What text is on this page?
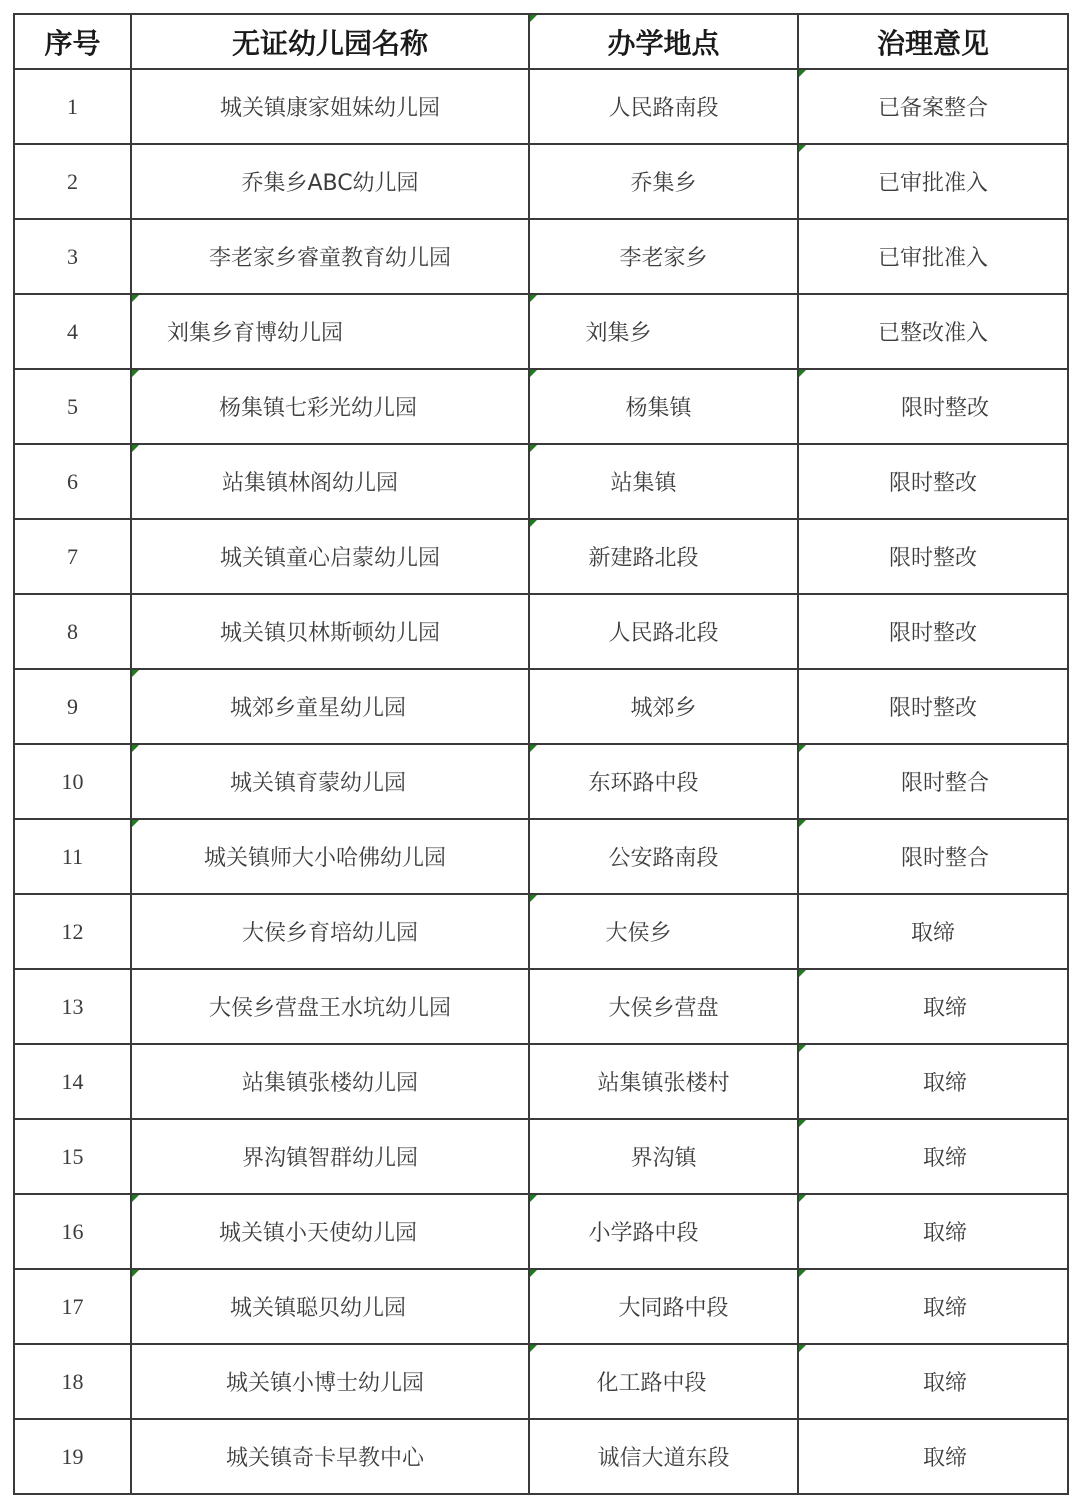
序号	无证幼儿园名称	办学地点	治理意见
1	城关镇康家姐妹幼儿园	人民路南段	已备案整合
2	乔集乡ABC幼儿园	乔集乡	已审批准入
3	李老家乡睿童教育幼儿园	李老家乡	已审批准入
4	刘集乡育博幼儿园	刘集乡	已整改准入
5	杨集镇七彩光幼儿园	杨集镇	限时整改
6	站集镇林阁幼儿园	站集镇	限时整改
7	城关镇童心启蒙幼儿园	新建路北段	限时整改
8	城关镇贝林斯顿幼儿园	人民路北段	限时整改
9	城郊乡童星幼儿园	城郊乡	限时整改
10	城关镇育蒙幼儿园	东环路中段	限时整合
11	城关镇师大小哈佛幼儿园	公安路南段	限时整合
12	大侯乡育培幼儿园	大侯乡	取缔
13	大侯乡营盘王水坑幼儿园	大侯乡营盘	取缔
14	站集镇张楼幼儿园	站集镇张楼村	取缔
15	界沟镇智群幼儿园	界沟镇	取缔
16	城关镇小天使幼儿园	小学路中段	取缔
17	城关镇聪贝幼儿园	大同路中段	取缔
18	城关镇小博士幼儿园	化工路中段	取缔
19	城关镇奇卡早教中心	诚信大道东段	取缔
